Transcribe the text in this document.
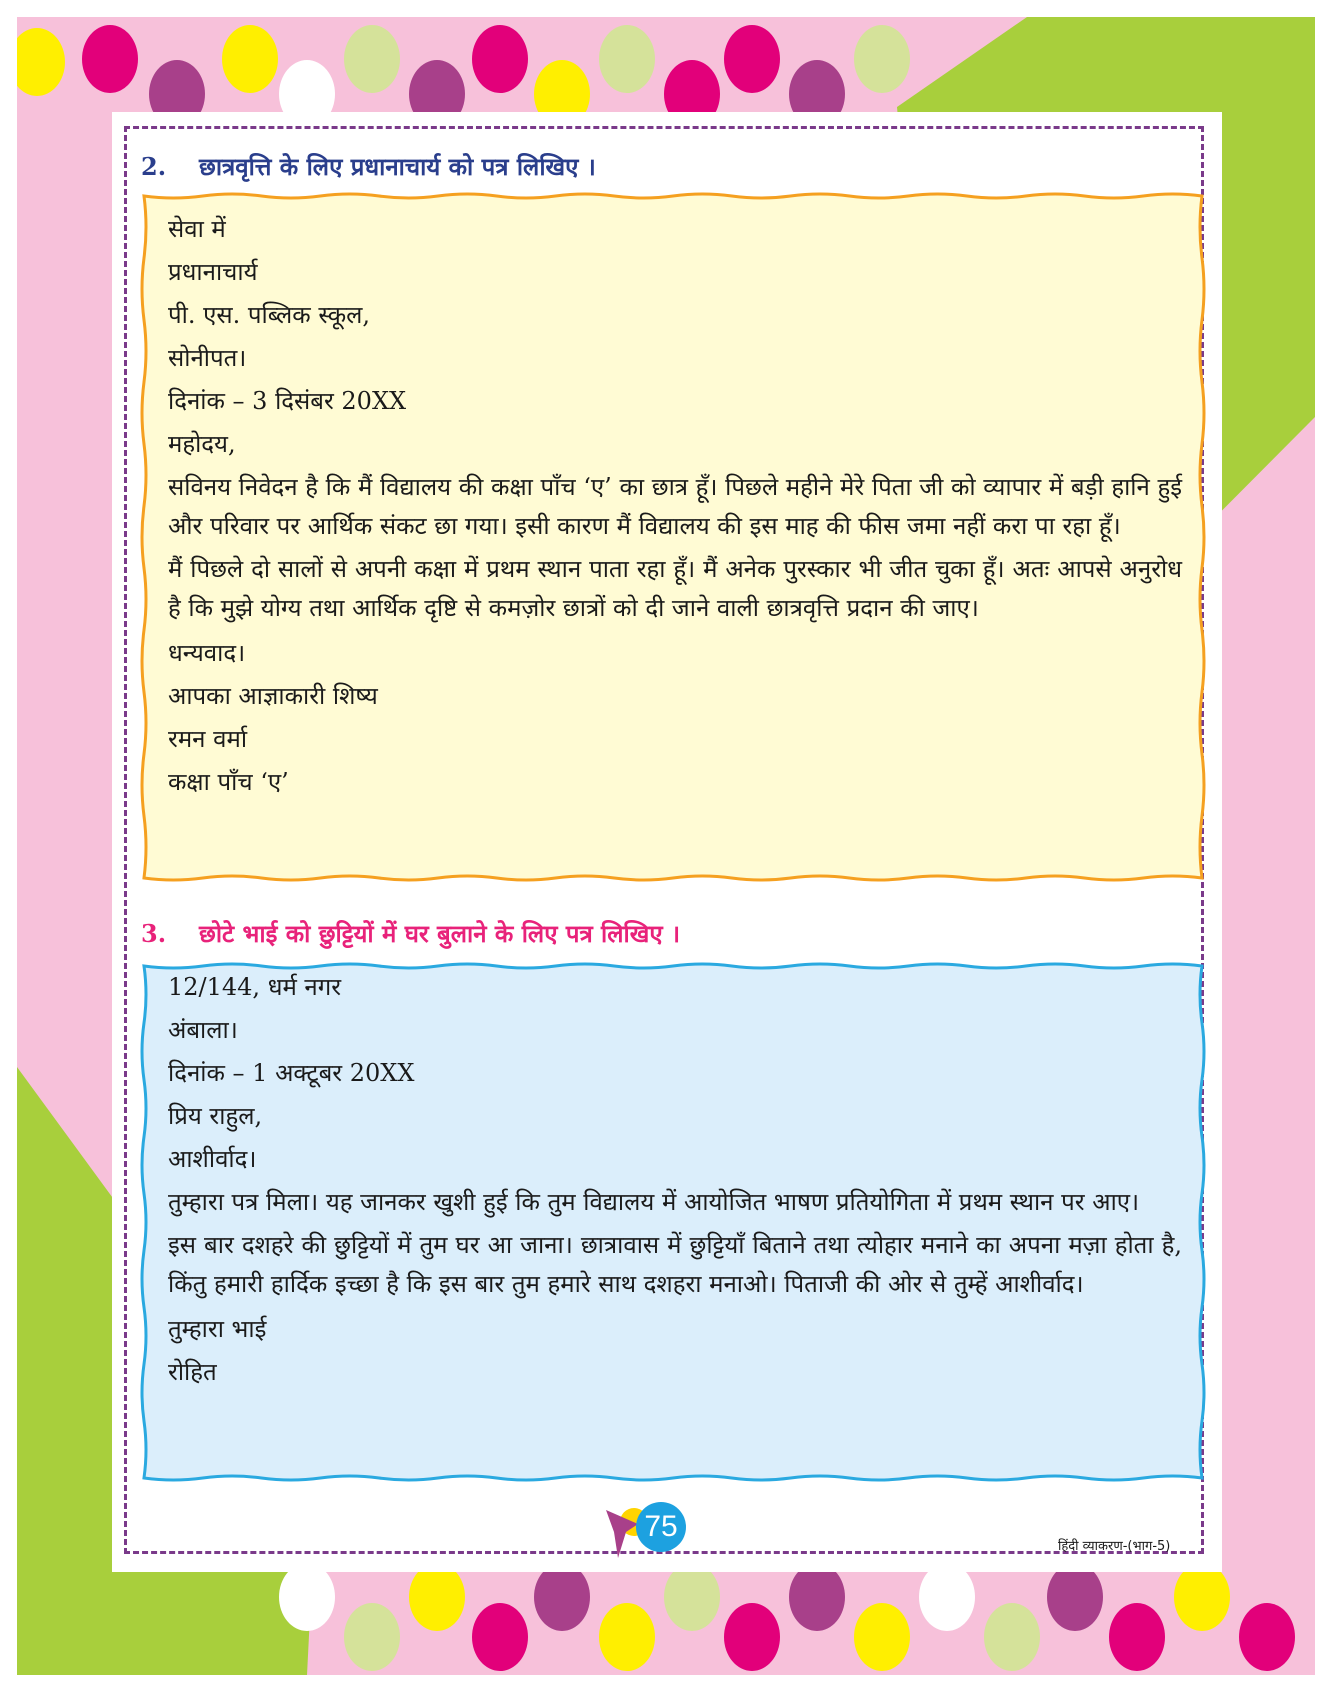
2. छात्रवृत्ति के लिए प्रधानाचार्य को पत्र लिखिए ।
सेवा में
प्रधानाचार्य
पी. एस. पब्लिक स्कूल,
सोनीपत।
दिनांक – 3 दिसंबर 20XX
महोदय,
सविनय निवेदन है कि मैं विद्यालय की कक्षा पाँच ‘ए’ का छात्र हूँ। पिछले महीने मेरे पिता जी को व्यापार में बड़ी हानि हुई और परिवार पर आर्थिक संकट छा गया। इसी कारण मैं विद्यालय की इस माह की फीस जमा नहीं करा पा रहा हूँ।
मैं पिछले दो सालों से अपनी कक्षा में प्रथम स्थान पाता रहा हूँ। मैं अनेक पुरस्कार भी जीत चुका हूँ। अतः आपसे अनुरोध है कि मुझे योग्य तथा आर्थिक दृष्टि से कमज़ोर छात्रों को दी जाने वाली छात्रवृत्ति प्रदान की जाए।
धन्यवाद।
आपका आज्ञाकारी शिष्य
रमन वर्मा
कक्षा पाँच ‘ए’
3. छोटे भाई को छुट्टियों में घर बुलाने के लिए पत्र लिखिए ।
12/144, धर्म नगर
अंबाला।
दिनांक – 1 अक्टूबर 20XX
प्रिय राहुल,
आशीर्वाद।
तुम्हारा पत्र मिला। यह जानकर खुशी हुई कि तुम विद्यालय में आयोजित भाषण प्रतियोगिता में प्रथम स्थान पर आए।
इस बार दशहरे की छुट्टियों में तुम घर आ जाना। छात्रावास में छुट्टियाँ बिताने तथा त्योहार मनाने का अपना मज़ा होता है, किंतु हमारी हार्दिक इच्छा है कि इस बार तुम हमारे साथ दशहरा मनाओ। पिताजी की ओर से तुम्हें आशीर्वाद।
तुम्हारा भाई
रोहित
75
हिंदी व्याकरण-(भाग-5)
